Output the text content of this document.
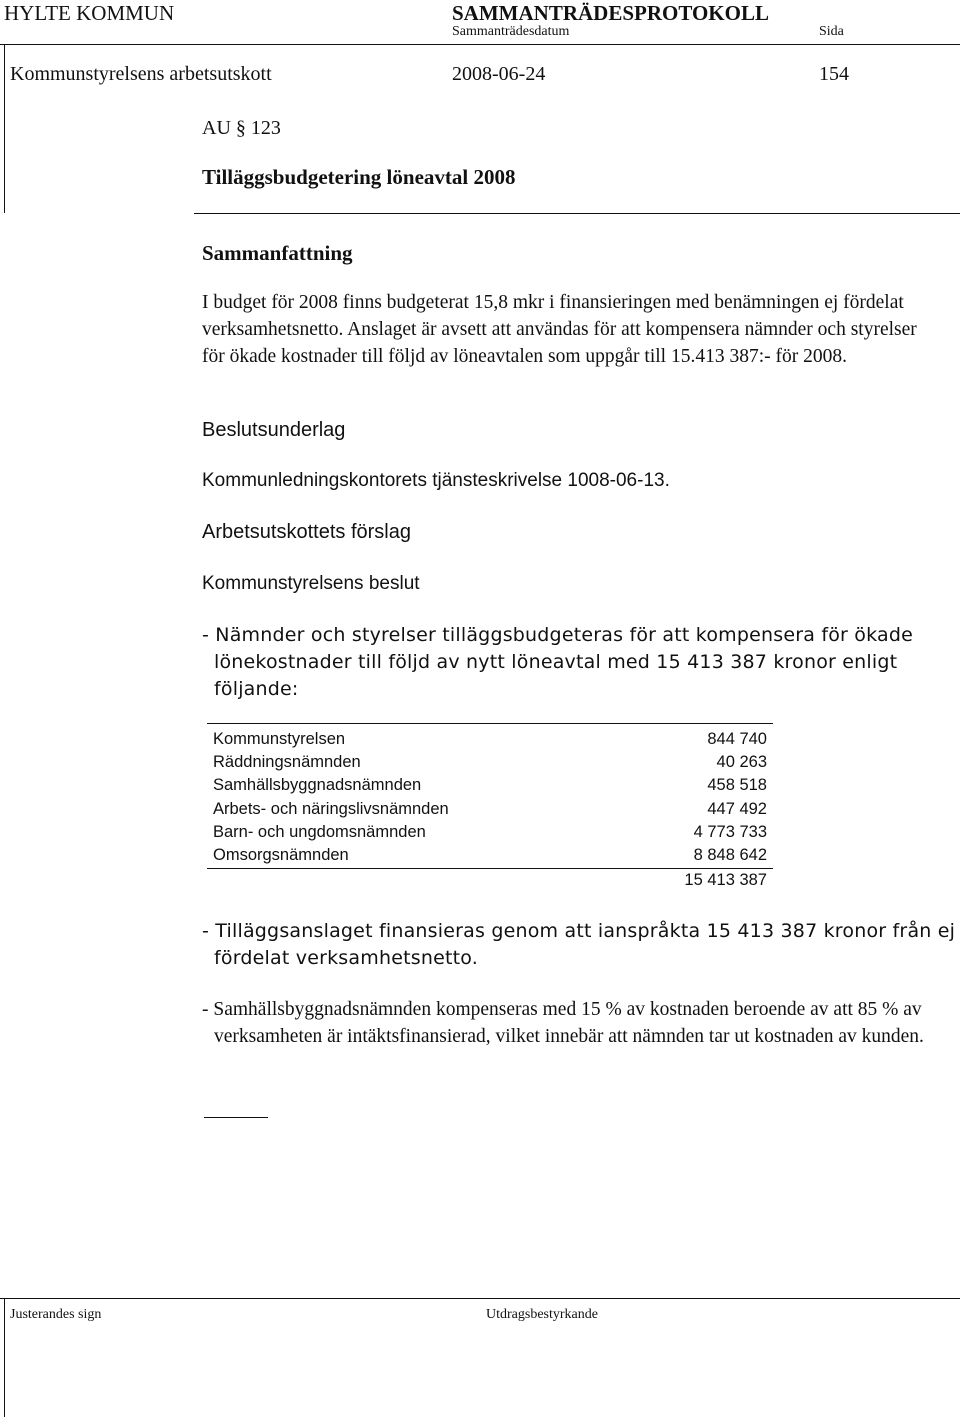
HYLTE KOMMUN	SAMMANTRÄDESPROTOKOLL
Sammanträdesdatum	Sida
Kommunstyrelsens arbetsutskott	2008-06-24	154
AU § 123
Tilläggsbudgetering löneavtal 2008
Sammanfattning
I budget för 2008 finns budgeterat 15,8 mkr i finansieringen med benämningen ej fördelat verksamhetsnetto. Anslaget är avsett att användas för att kompensera nämnder och styrelser för ökade kostnader till följd av löneavtalen som uppgår till 15.413 387:- för 2008.
Beslutsunderlag
Kommunledningskontorets tjänsteskrivelse 1008-06-13.
Arbetsutskottets förslag
Kommunstyrelsens beslut
- Nämnder och styrelser tilläggsbudgeteras för att kompensera för ökade lönekostnader till följd av nytt löneavtal med 15 413 387 kronor enligt följande:
Kommunstyrelsen	844 740
Räddningsnämnden	40 263
Samhällsbyggnadsnämnden	458 518
Arbets- och näringslivsnämnden	447 492
Barn- och ungdomsnämnden	4 773 733
Omsorgsnämnden	8 848 642
15 413 387
- Tilläggsanslaget finansieras genom att ianspråkta 15 413 387 kronor från ej fördelat verksamhetsnetto.
- Samhällsbyggnadsnämnden kompenseras med 15 % av kostnaden beroende av att 85 % av verksamheten är intäktsfinansierad, vilket innebär att nämnden tar ut kostnaden av kunden.
Justerandes sign	Utdragsbestyrkande
